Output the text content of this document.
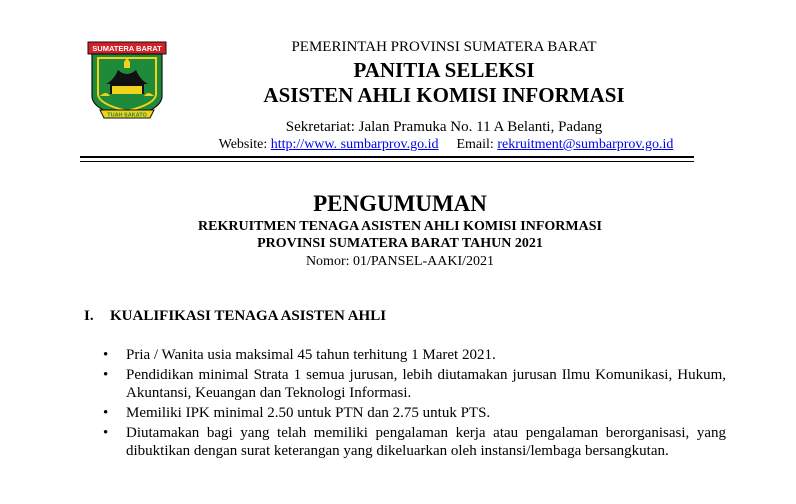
SUMATERA BARAT
TUAH SAKATO
PEMERINTAH PROVINSI SUMATERA BARAT
PANITIA SELEKSI
ASISTEN AHLI KOMISI INFORMASI
Sekretariat: Jalan Pramuka No. 11 A Belanti, Padang
Website: http://www. sumbarprov.go.id Email: rekruitment@sumbarprov.go.id
PENGUMUMAN
REKRUITMEN TENAGA ASISTEN AHLI KOMISI INFORMASI
PROVINSI SUMATERA BARAT TAHUN 2021
Nomor: 01/PANSEL-AAKI/2021
I. KUALIFIKASI TENAGA ASISTEN AHLI
• Pria / Wanita usia maksimal 45 tahun terhitung 1 Maret 2021.
• Pendidikan minimal Strata 1 semua jurusan, lebih diutamakan jurusan Ilmu Komunikasi, Hukum, Akuntansi, Keuangan dan Teknologi Informasi.
• Memiliki IPK minimal 2.50 untuk PTN dan 2.75 untuk PTS.
• Diutamakan bagi yang telah memiliki pengalaman kerja atau pengalaman berorganisasi, yang dibuktikan dengan surat keterangan yang dikeluarkan oleh instansi/lembaga bersangkutan.
